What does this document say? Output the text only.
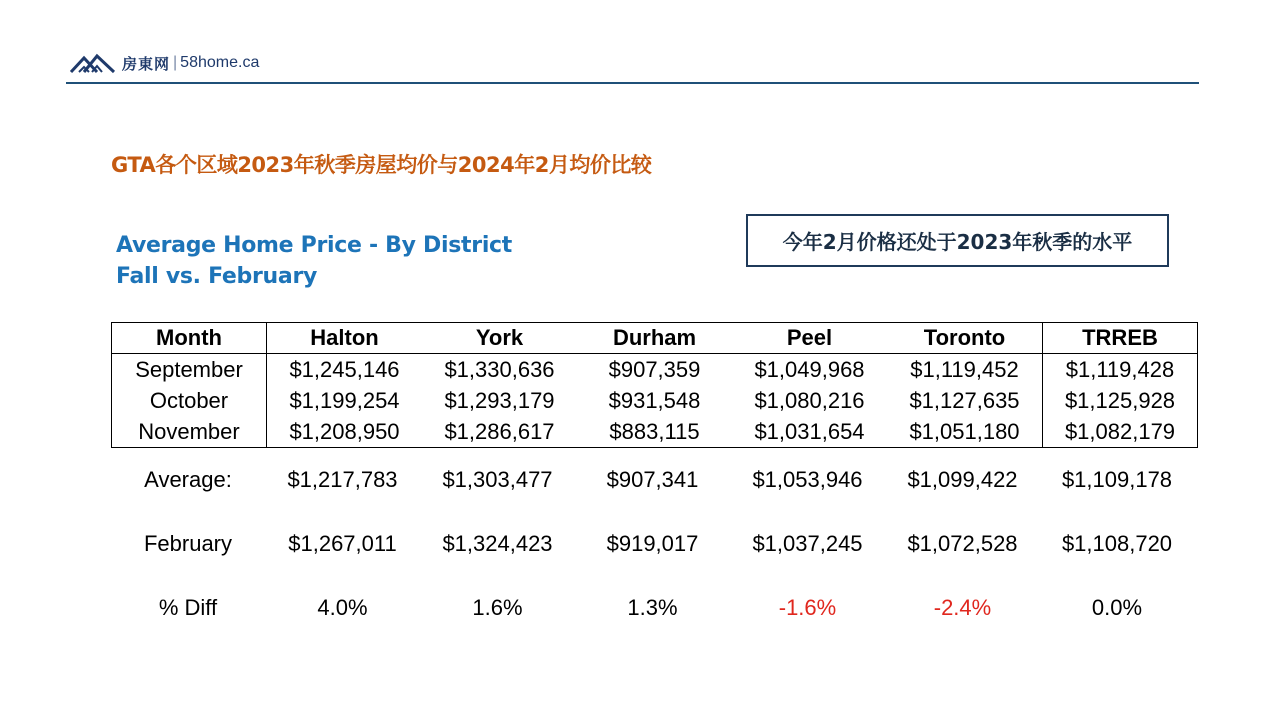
房東网 | 58home.ca
GTA各个区域2023年秋季房屋均价与2024年2月均价比较
Average Home Price - By District
Fall vs. February
今年2月价格还处于2023年秋季的水平
Month	Halton	York	Durham	Peel	Toronto	TRREB
September	$1,245,146	$1,330,636	$907,359	$1,049,968	$1,119,452	$1,119,428
October	$1,199,254	$1,293,179	$931,548	$1,080,216	$1,127,635	$1,125,928
November	$1,208,950	$1,286,617	$883,115	$1,031,654	$1,051,180	$1,082,179
Average:	$1,217,783	$1,303,477	$907,341	$1,053,946	$1,099,422	$1,109,178
February	$1,267,011	$1,324,423	$919,017	$1,037,245	$1,072,528	$1,108,720
% Diff	4.0%	1.6%	1.3%	-1.6%	-2.4%	0.0%
